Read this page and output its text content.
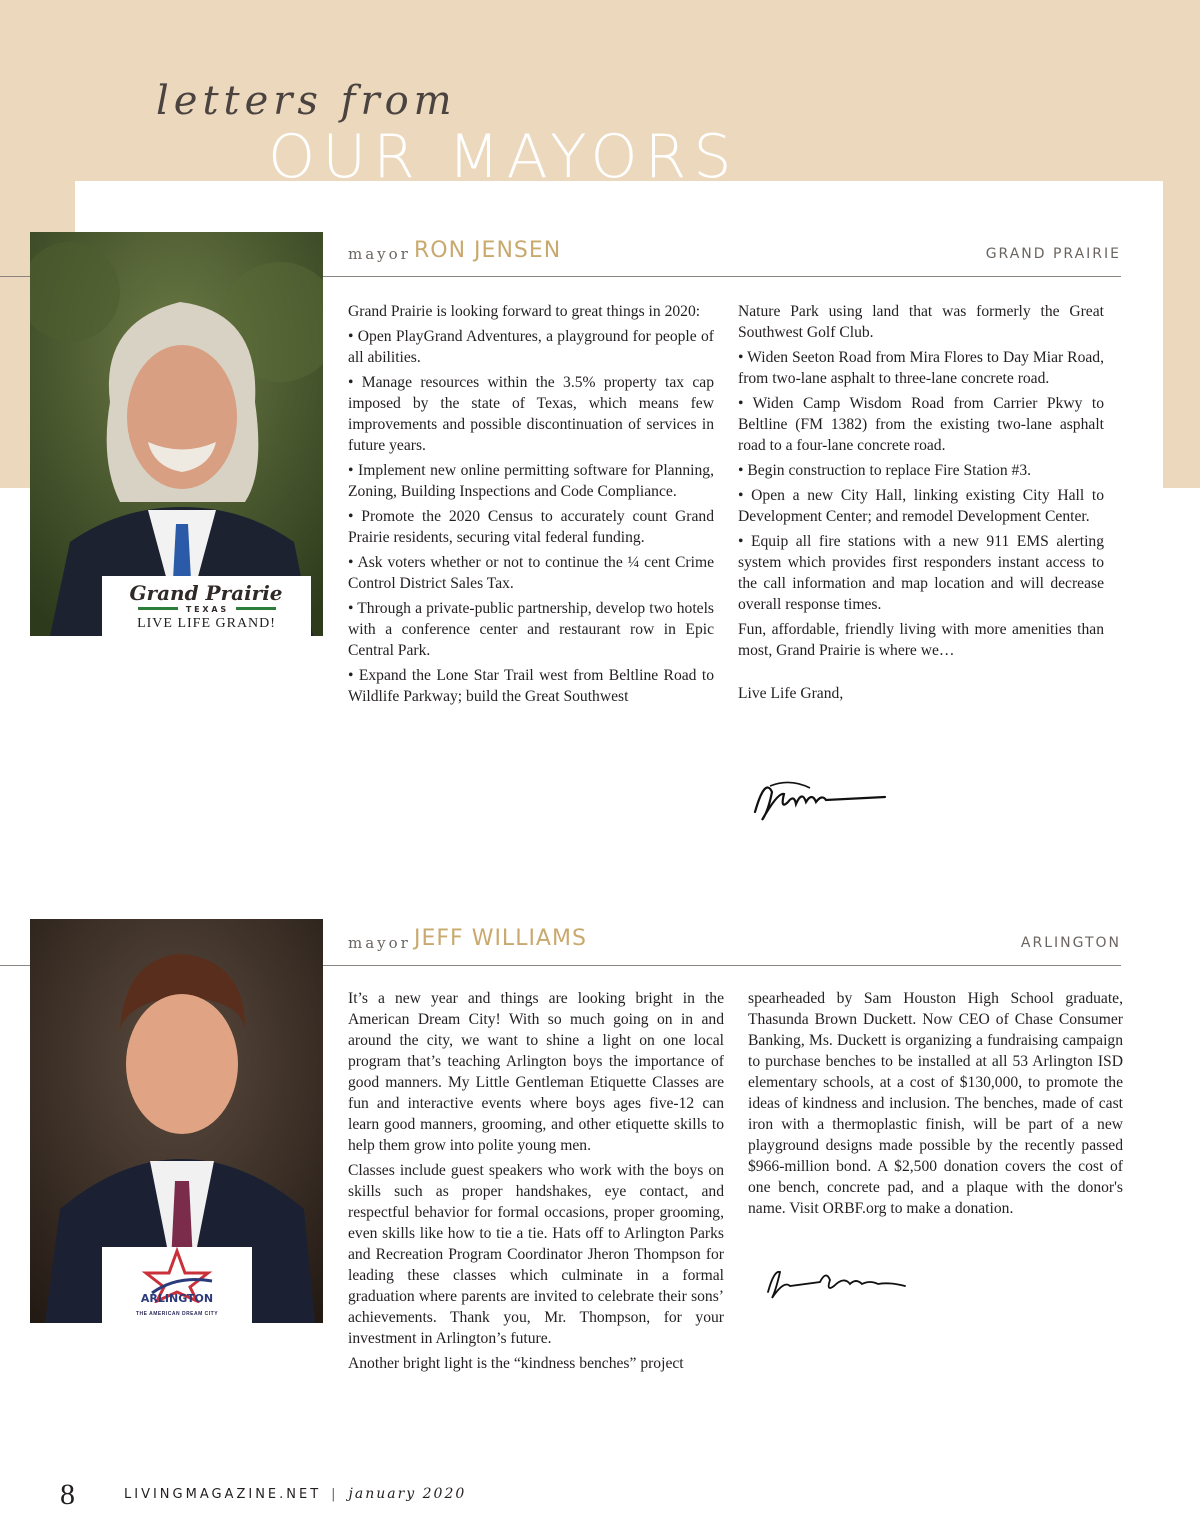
letters from
OUR MAYORS
Grand Prairie
T E X A S
LIVE LIFE GRAND!
mayor RON JENSEN	GRAND PRAIRIE

Grand Prairie is looking forward to great things in 2020:

• Open PlayGrand Adventures, a playground for people of all abilities.

• Manage resources within the 3.5% property tax cap imposed by the state of Texas, which means few improvements and possible discontinuation of services in future years.

• Implement new online permitting software for Planning, Zoning, Building Inspections and Code Compliance.

• Promote the 2020 Census to accurately count Grand Prairie residents, securing vital federal funding.

• Ask voters whether or not to continue the ¼ cent Crime Control District Sales Tax.

• Through a private-public partnership, develop two hotels with a conference center and restaurant row in Epic Central Park.

• Expand the Lone Star Trail west from Beltline Road to Wildlife Parkway; build the Great Southwest

Nature Park using land that was formerly the Great Southwest Golf Club.

• Widen Seeton Road from Mira Flores to Day Miar Road, from two-lane asphalt to three-lane concrete road.

• Widen Camp Wisdom Road from Carrier Pkwy to Beltline (FM 1382) from the existing two-lane asphalt road to a four-lane concrete road.

• Begin construction to replace Fire Station #3.

• Open a new City Hall, linking existing City Hall to Development Center; and remodel Development Center.

• Equip all fire stations with a new 911 EMS alerting system which provides first responders instant access to the call information and map location and will decrease overall response times.

Fun, affordable, friendly living with more amenities than most, Grand Prairie is where we…

Live Life Grand,

ARLINGTON
THE AMERICAN DREAM CITY
mayor JEFF WILLIAMS	ARLINGTON

It’s a new year and things are looking bright in the American Dream City! With so much going on in and around the city, we want to shine a light on one local program that’s teaching Arlington boys the importance of good manners. My Little Gentleman Etiquette Classes are fun and interactive events where boys ages five-12 can learn good manners, grooming, and other etiquette skills to help them grow into polite young men.

Classes include guest speakers who work with the boys on skills such as proper handshakes, eye contact, and respectful behavior for formal occasions, proper grooming, even skills like how to tie a tie. Hats off to Arlington Parks and Recreation Program Coordinator Jheron Thompson for leading these classes which culminate in a formal graduation where parents are invited to celebrate their sons’ achievements. Thank you, Mr. Thompson, for your investment in Arlington’s future.

Another bright light is the “kindness benches” project

spearheaded by Sam Houston High School graduate, Thasunda Brown Duckett. Now CEO of Chase Consumer Banking, Ms. Duckett is organizing a fundraising campaign to purchase benches to be installed at all 53 Arlington ISD elementary schools, at a cost of $130,000, to promote the ideas of kindness and inclusion. The benches, made of cast iron with a thermoplastic finish, will be part of a new playground designs made possible by the recently passed $966-million bond. A $2,500 donation covers the cost of one bench, concrete pad, and a plaque with the donor's name. Visit ORBF.org to make a donation.

8	LIVINGMAGAZINE.NET | january 2020
